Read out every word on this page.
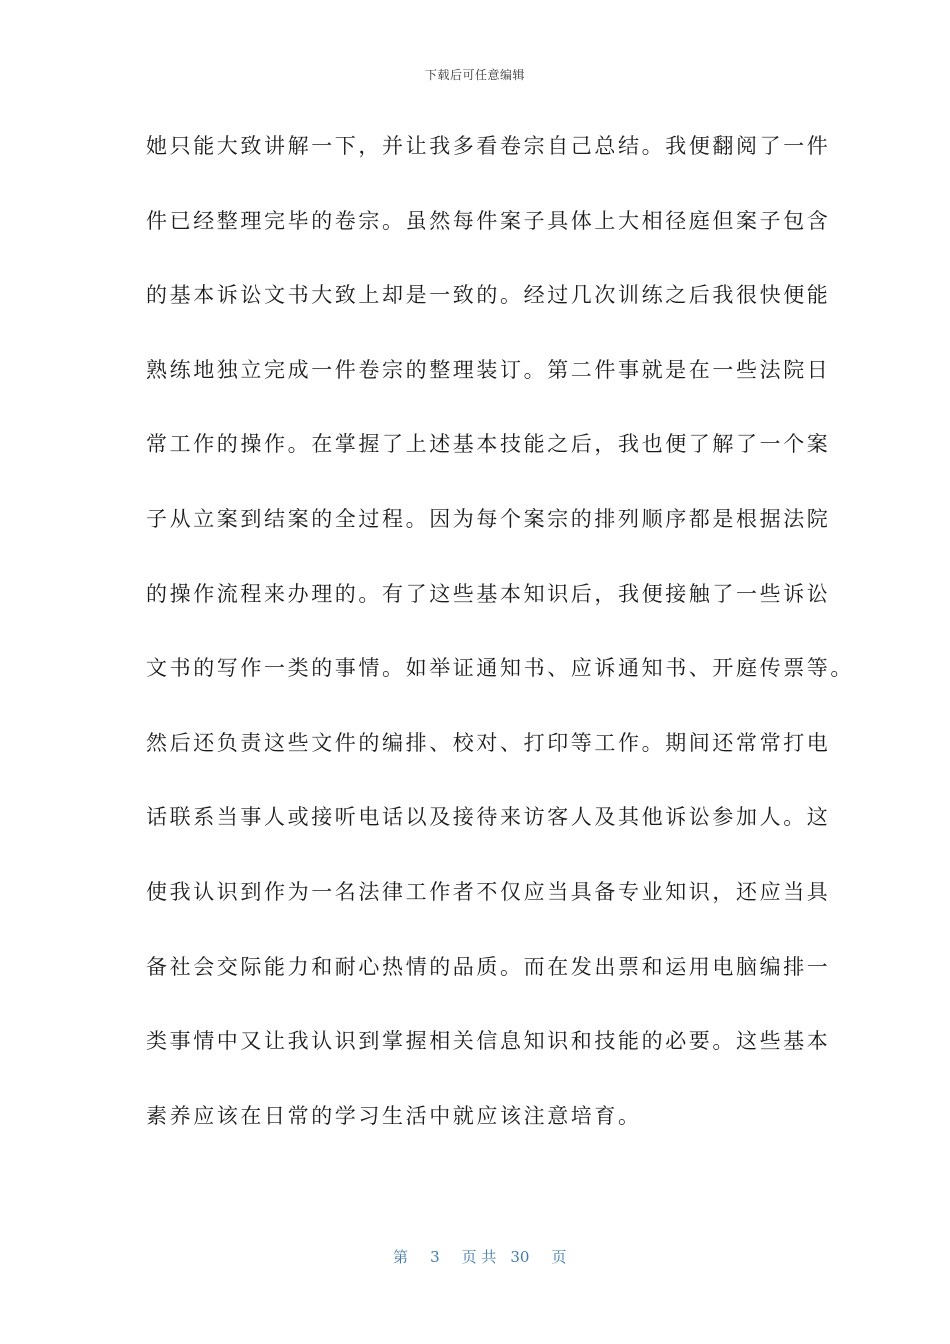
下载后可任意编辑
她只能大致讲解一下，并让我多看卷宗自己总结。我便翻阅了一件
件已经整理完毕的卷宗。虽然每件案子具体上大相径庭但案子包含
的基本诉讼文书大致上却是一致的。经过几次训练之后我很快便能
熟练地独立完成一件卷宗的整理装订。第二件事就是在一些法院日
常工作的操作。在掌握了上述基本技能之后，我也便了解了一个案
子从立案到结案的全过程。因为每个案宗的排列顺序都是根据法院
的操作流程来办理的。有了这些基本知识后，我便接触了一些诉讼
文书的写作一类的事情。如举证通知书、应诉通知书、开庭传票等。
然后还负责这些文件的编排、校对、打印等工作。期间还常常打电
话联系当事人或接听电话以及接待来访客人及其他诉讼参加人。这
使我认识到作为一名法律工作者不仅应当具备专业知识，还应当具
备社会交际能力和耐心热情的品质。而在发出票和运用电脑编排一
类事情中又让我认识到掌握相关信息知识和技能的必要。这些基本
素养应该在日常的学习生活中就应该注意培育。

第 3 页 共 30 页
